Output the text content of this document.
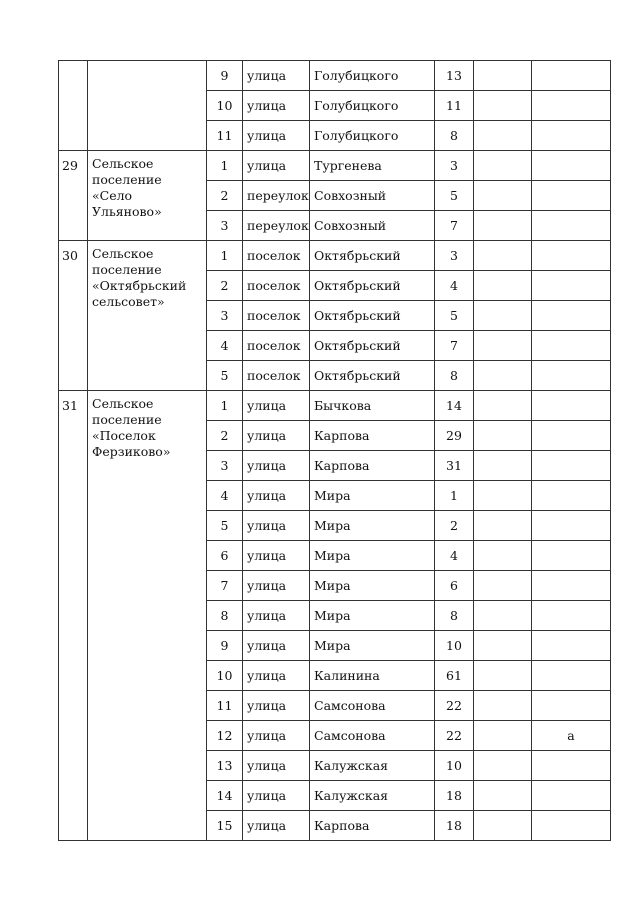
		9	улица	Голубицкого	13		
		10	улица	Голубицкого	11		
		11	улица	Голубицкого	8		
29	Сельское поселение «Село Ульяново»	1	улица	Тургенева	3		
		2	переулок	Совхозный	5		
		3	переулок	Совхозный	7		
30	Сельское поселение «Октябрьский сельсовет»	1	поселок	Октябрьский	3		
		2	поселок	Октябрьский	4		
		3	поселок	Октябрьский	5		
		4	поселок	Октябрьский	7		
		5	поселок	Октябрьский	8		
31	Сельское поселение «Поселок Ферзиково»	1	улица	Бычкова	14		
		2	улица	Карпова	29		
		3	улица	Карпова	31		
		4	улица	Мира	1		
		5	улица	Мира	2		
		6	улица	Мира	4		
		7	улица	Мира	6		
		8	улица	Мира	8		
		9	улица	Мира	10		
		10	улица	Калинина	61		
		11	улица	Самсонова	22		
		12	улица	Самсонова	22		а
		13	улица	Калужская	10		
		14	улица	Калужская	18		
		15	улица	Карпова	18		
